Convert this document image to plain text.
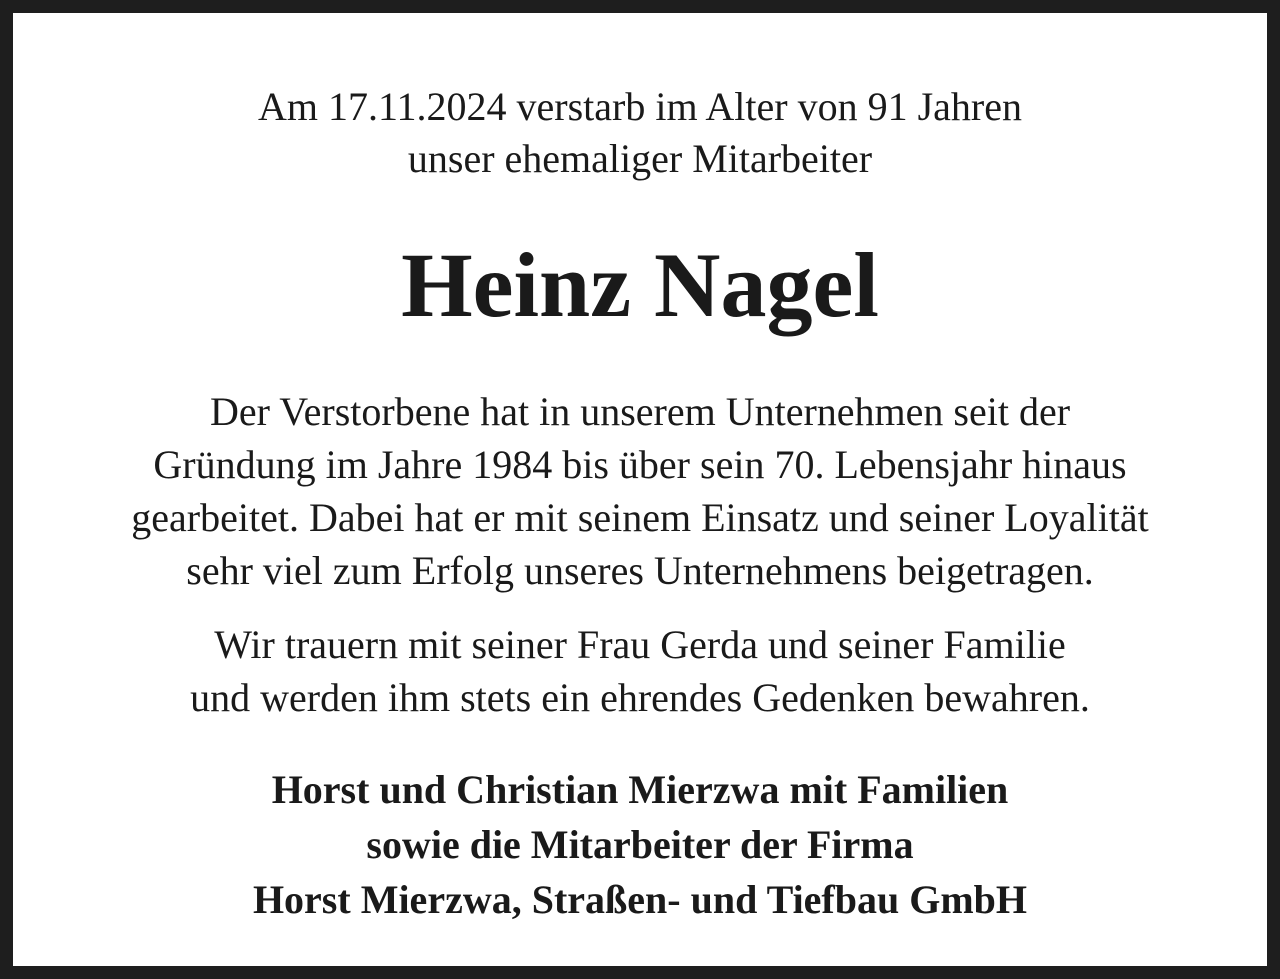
Am 17.11.2024 verstarb im Alter von 91 Jahren
unser ehemaliger Mitarbeiter
Heinz Nagel
Der Verstorbene hat in unserem Unternehmen seit der
Gründung im Jahre 1984 bis über sein 70. Lebensjahr hinaus
gearbeitet. Dabei hat er mit seinem Einsatz und seiner Loyalität
sehr viel zum Erfolg unseres Unternehmens beigetragen.
Wir trauern mit seiner Frau Gerda und seiner Familie
und werden ihm stets ein ehrendes Gedenken bewahren.
Horst und Christian Mierzwa mit Familien
sowie die Mitarbeiter der Firma
Horst Mierzwa, Straßen- und Tiefbau GmbH
